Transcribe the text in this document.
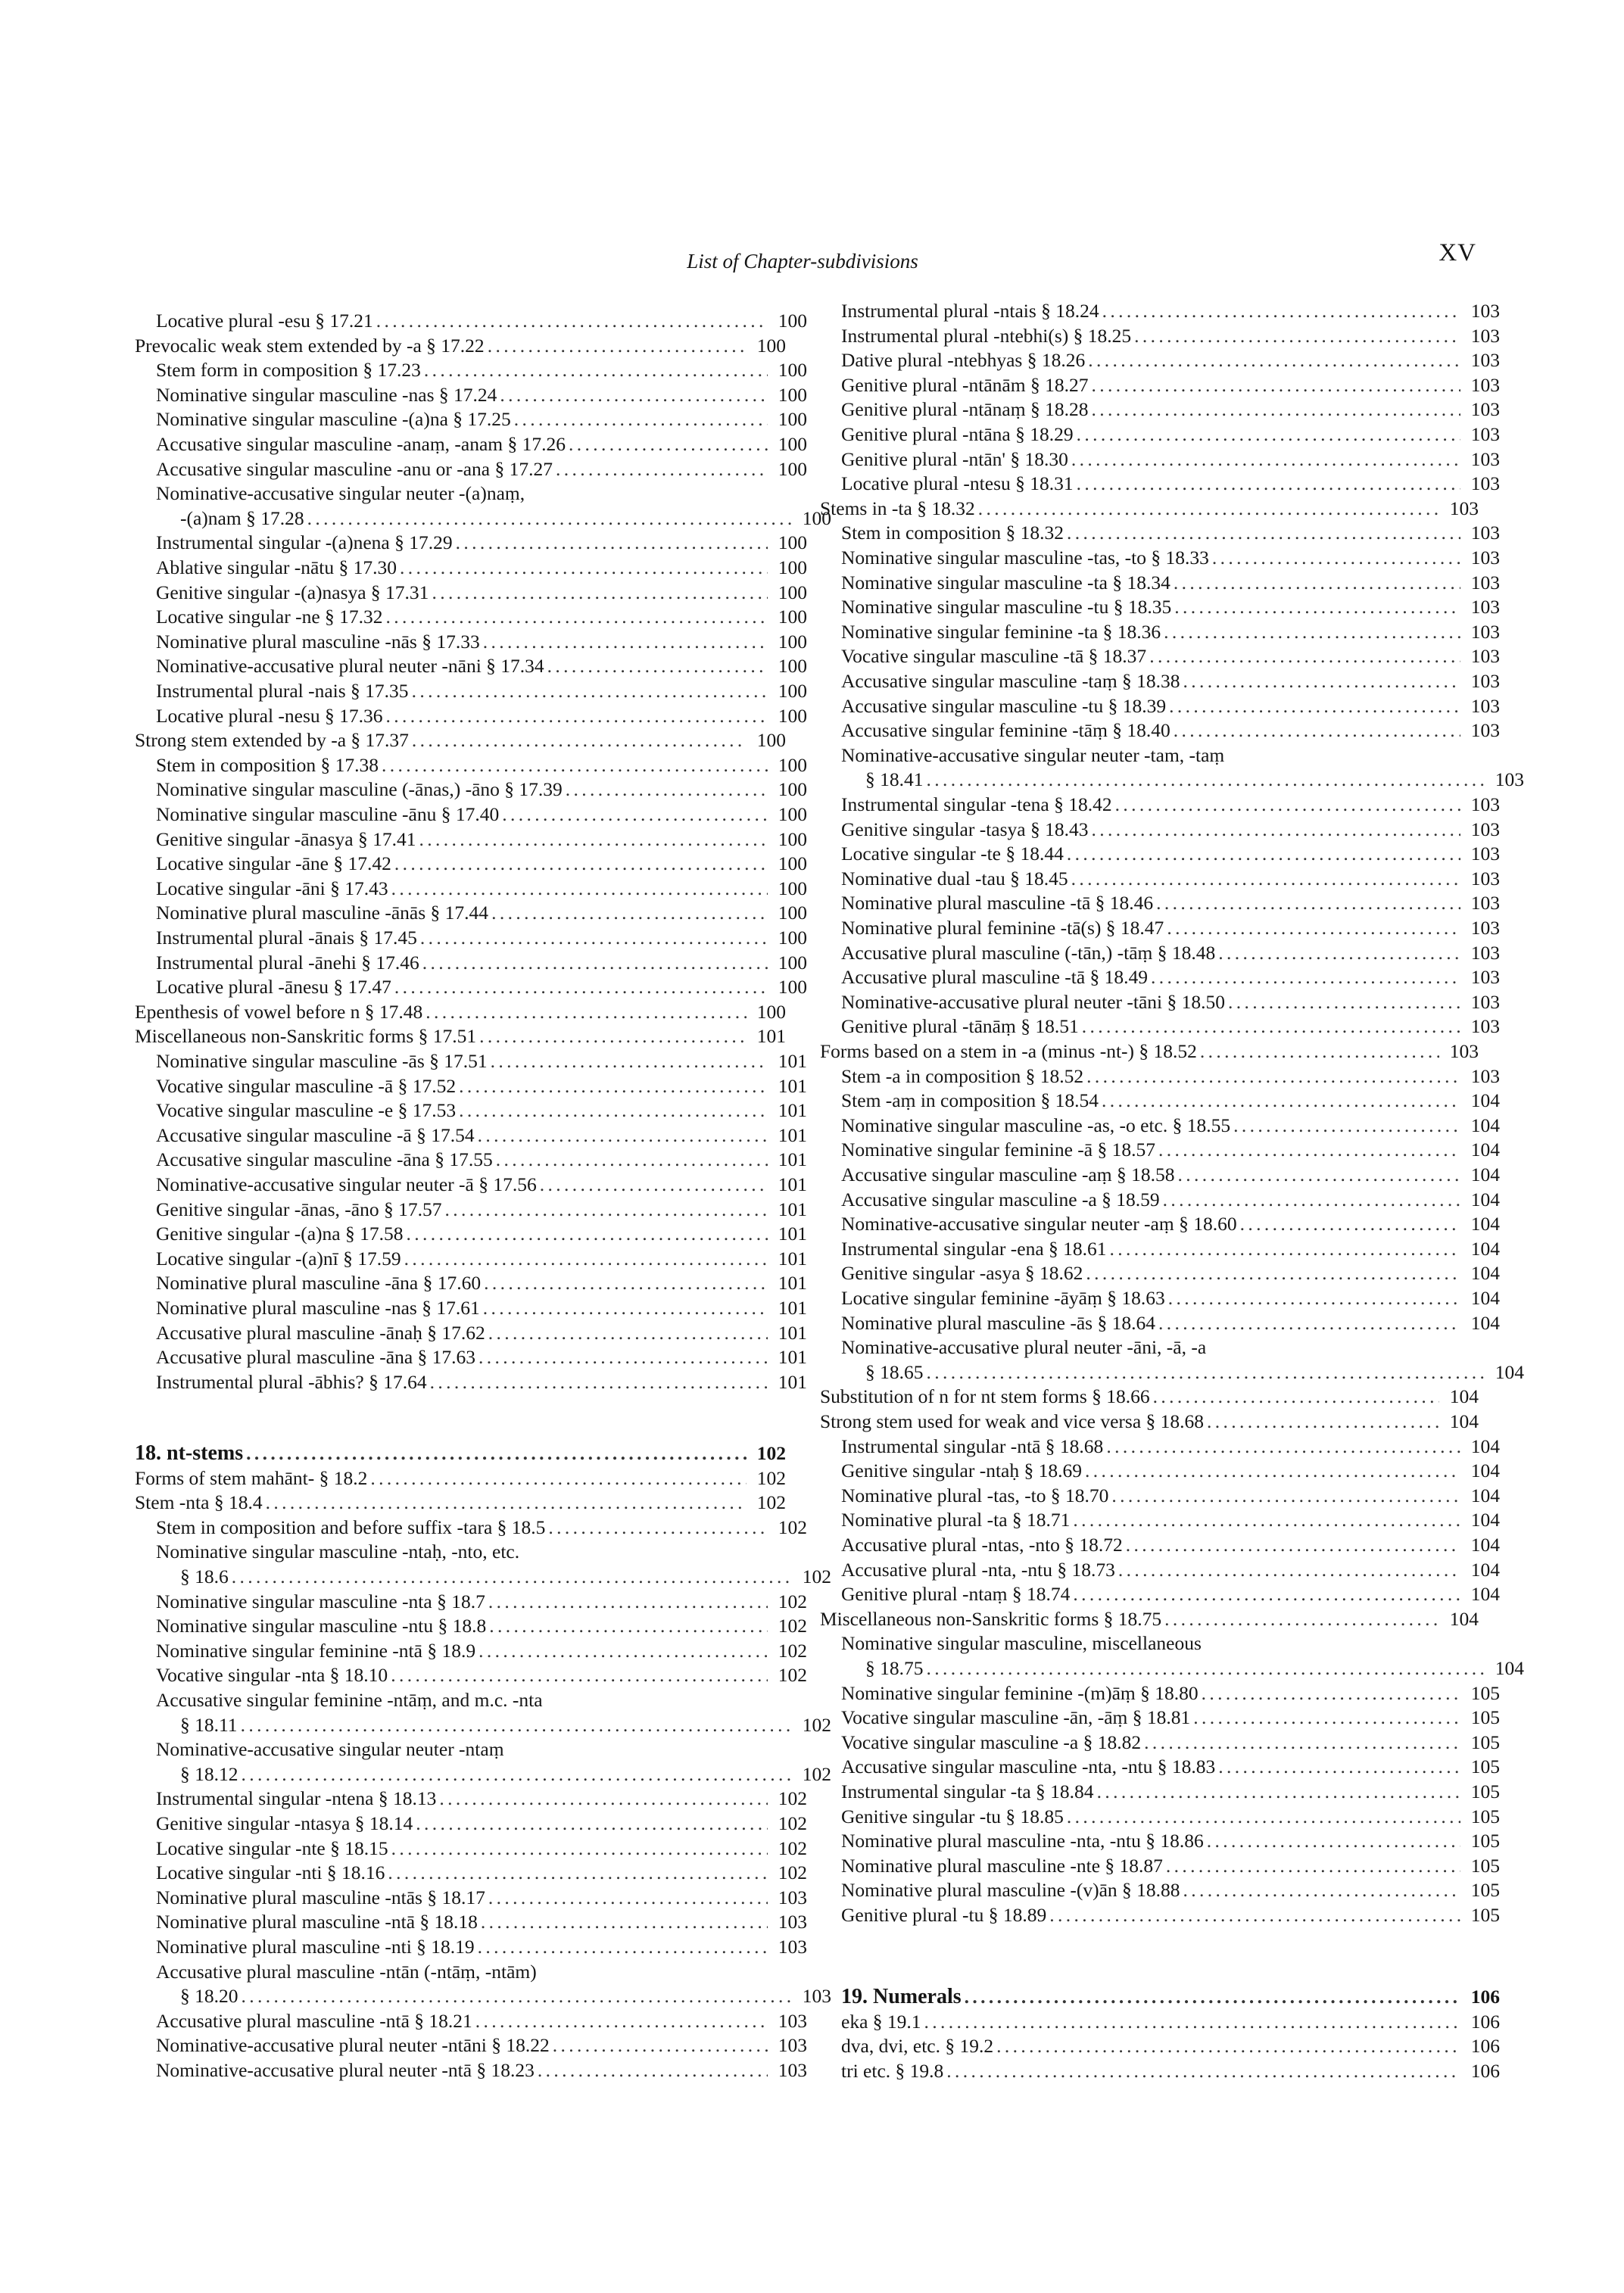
List of Chapter-subdivisions	XV
Locative plural -esu § 17.21 . . .	100
Prevocalic weak stem extended by -a § 17.22 . . .	100
Stem form in composition § 17.23 . . .	100
Nominative singular masculine -nas § 17.24 . . .	100
Nominative singular masculine -(a)na § 17.25 . . .	100
Accusative singular masculine -anaṃ, -anam § 17.26 . . .	100
Accusative singular masculine -anu or -ana § 17.27 . . .	100
Nominative-accusative singular neuter -(a)naṃ,
-(a)nam § 17.28 . . .	100
Instrumental singular -(a)nena § 17.29 . . .	100
Ablative singular -nātu § 17.30 . . .	100
Genitive singular -(a)nasya § 17.31 . . .	100
Locative singular -ne § 17.32 . . .	100
Nominative plural masculine -nās § 17.33 . . .	100
Nominative-accusative plural neuter -nāni § 17.34 . . .	100
Instrumental plural -nais § 17.35 . . .	100
Locative plural -nesu § 17.36 . . .	100
Strong stem extended by -a § 17.37 . . .	100
Stem in composition § 17.38 . . .	100
Nominative singular masculine (-ānas,) -āno § 17.39 . . .	100
Nominative singular masculine -ānu § 17.40 . . .	100
Genitive singular -ānasya § 17.41 . . .	100
Locative singular -āne § 17.42 . . .	100
Locative singular -āni § 17.43 . . .	100
Nominative plural masculine -ānās § 17.44 . . .	100
Instrumental plural -ānais § 17.45 . . .	100
Instrumental plural -ānehi § 17.46 . . .	100
Locative plural -ānesu § 17.47 . . .	100
Epenthesis of vowel before n § 17.48 . . .	100
Miscellaneous non-Sanskritic forms § 17.51 . . .	101
Nominative singular masculine -ās § 17.51 . . .	101
Vocative singular masculine -ā § 17.52 . . .	101
Vocative singular masculine -e § 17.53 . . .	101
Accusative singular masculine -ā § 17.54 . . .	101
Accusative singular masculine -āna § 17.55 . . .	101
Nominative-accusative singular neuter -ā § 17.56 . . .	101
Genitive singular -ānas, -āno § 17.57 . . .	101
Genitive singular -(a)na § 17.58 . . .	101
Locative singular -(a)nī § 17.59 . . .	101
Nominative plural masculine -āna § 17.60 . . .	101
Nominative plural masculine -nas § 17.61 . . .	101
Accusative plural masculine -ānaḥ § 17.62 . . .	101
Accusative plural masculine -āna § 17.63 . . .	101
Instrumental plural -ābhis? § 17.64 . . .	101
18. nt-stems . . .	102
Forms of stem mahānt- § 18.2 . . .	102
Stem -nta § 18.4 . . .	102
Stem in composition and before suffix -tara § 18.5 . . .	102
Nominative singular masculine -ntaḥ, -nto, etc.
§ 18.6 . . .	102
Nominative singular masculine -nta § 18.7 . . .	102
Nominative singular masculine -ntu § 18.8 . . .	102
Nominative singular feminine -ntā § 18.9 . . .	102
Vocative singular -nta § 18.10 . . .	102
Accusative singular feminine -ntāṃ, and m.c. -nta
§ 18.11 . . .	102
Nominative-accusative singular neuter -ntaṃ
§ 18.12 . . .	102
Instrumental singular -ntena § 18.13 . . .	102
Genitive singular -ntasya § 18.14 . . .	102
Locative singular -nte § 18.15 . . .	102
Locative singular -nti § 18.16 . . .	102
Nominative plural masculine -ntās § 18.17 . . .	103
Nominative plural masculine -ntā § 18.18 . . .	103
Nominative plural masculine -nti § 18.19 . . .	103
Accusative plural masculine -ntān (-ntāṃ, -ntām)
§ 18.20 . . .	103
Accusative plural masculine -ntā § 18.21 . . .	103
Nominative-accusative plural neuter -ntāni § 18.22 . . .	103
Nominative-accusative plural neuter -ntā § 18.23 . . .	103
Instrumental plural -ntais § 18.24 . . .	103
Instrumental plural -ntebhi(s) § 18.25 . . .	103
Dative plural -ntebhyas § 18.26 . . .	103
Genitive plural -ntānām § 18.27 . . .	103
Genitive plural -ntānaṃ § 18.28 . . .	103
Genitive plural -ntāna § 18.29 . . .	103
Genitive plural -ntān' § 18.30 . . .	103
Locative plural -ntesu § 18.31 . . .	103
Stems in -ta § 18.32 . . .	103
Stem in composition § 18.32 . . .	103
Nominative singular masculine -tas, -to § 18.33 . . .	103
Nominative singular masculine -ta § 18.34 . . .	103
Nominative singular masculine -tu § 18.35 . . .	103
Nominative singular feminine -ta § 18.36 . . .	103
Vocative singular masculine -tā § 18.37 . . .	103
Accusative singular masculine -taṃ § 18.38 . . .	103
Accusative singular masculine -tu § 18.39 . . .	103
Accusative singular feminine -tāṃ § 18.40 . . .	103
Nominative-accusative singular neuter -tam, -taṃ
§ 18.41 . . .	103
Instrumental singular -tena § 18.42 . . .	103
Genitive singular -tasya § 18.43 . . .	103
Locative singular -te § 18.44 . . .	103
Nominative dual -tau § 18.45 . . .	103
Nominative plural masculine -tā § 18.46 . . .	103
Nominative plural feminine -tā(s) § 18.47 . . .	103
Accusative plural masculine (-tān,) -tāṃ § 18.48 . . .	103
Accusative plural masculine -tā § 18.49 . . .	103
Nominative-accusative plural neuter -tāni § 18.50 . . .	103
Genitive plural -tānāṃ § 18.51 . . .	103
Forms based on a stem in -a (minus -nt-) § 18.52 . . .	103
Stem -a in composition § 18.52 . . .	103
Stem -aṃ in composition § 18.54 . . .	104
Nominative singular masculine -as, -o etc. § 18.55 . . .	104
Nominative singular feminine -ā § 18.57 . . .	104
Accusative singular masculine -aṃ § 18.58 . . .	104
Accusative singular masculine -a § 18.59 . . .	104
Nominative-accusative singular neuter -aṃ § 18.60 . . .	104
Instrumental singular -ena § 18.61 . . .	104
Genitive singular -asya § 18.62 . . .	104
Locative singular feminine -āyāṃ § 18.63 . . .	104
Nominative plural masculine -ās § 18.64 . . .	104
Nominative-accusative plural neuter -āni, -ā, -a
§ 18.65 . . .	104
Substitution of n for nt stem forms § 18.66 . . .	104
Strong stem used for weak and vice versa § 18.68 . . .	104
Instrumental singular -ntā § 18.68 . . .	104
Genitive singular -ntaḥ § 18.69 . . .	104
Nominative plural -tas, -to § 18.70 . . .	104
Nominative plural -ta § 18.71 . . .	104
Accusative plural -ntas, -nto § 18.72 . . .	104
Accusative plural -nta, -ntu § 18.73 . . .	104
Genitive plural -ntaṃ § 18.74 . . .	104
Miscellaneous non-Sanskritic forms § 18.75 . . .	104
Nominative singular masculine, miscellaneous
§ 18.75 . . .	104
Nominative singular feminine -(m)āṃ § 18.80 . . .	105
Vocative singular masculine -ān, -āṃ § 18.81 . . .	105
Vocative singular masculine -a § 18.82 . . .	105
Accusative singular masculine -nta, -ntu § 18.83 . . .	105
Instrumental singular -ta § 18.84 . . .	105
Genitive singular -tu § 18.85 . . .	105
Nominative plural masculine -nta, -ntu § 18.86 . . .	105
Nominative plural masculine -nte § 18.87 . . .	105
Nominative plural masculine -(v)ān § 18.88 . . .	105
Genitive plural -tu § 18.89 . . .	105
19. Numerals . . .	106
eka § 19.1 . . .	106
dva, dvi, etc. § 19.2 . . .	106
tri etc. § 19.8 . . .	106
